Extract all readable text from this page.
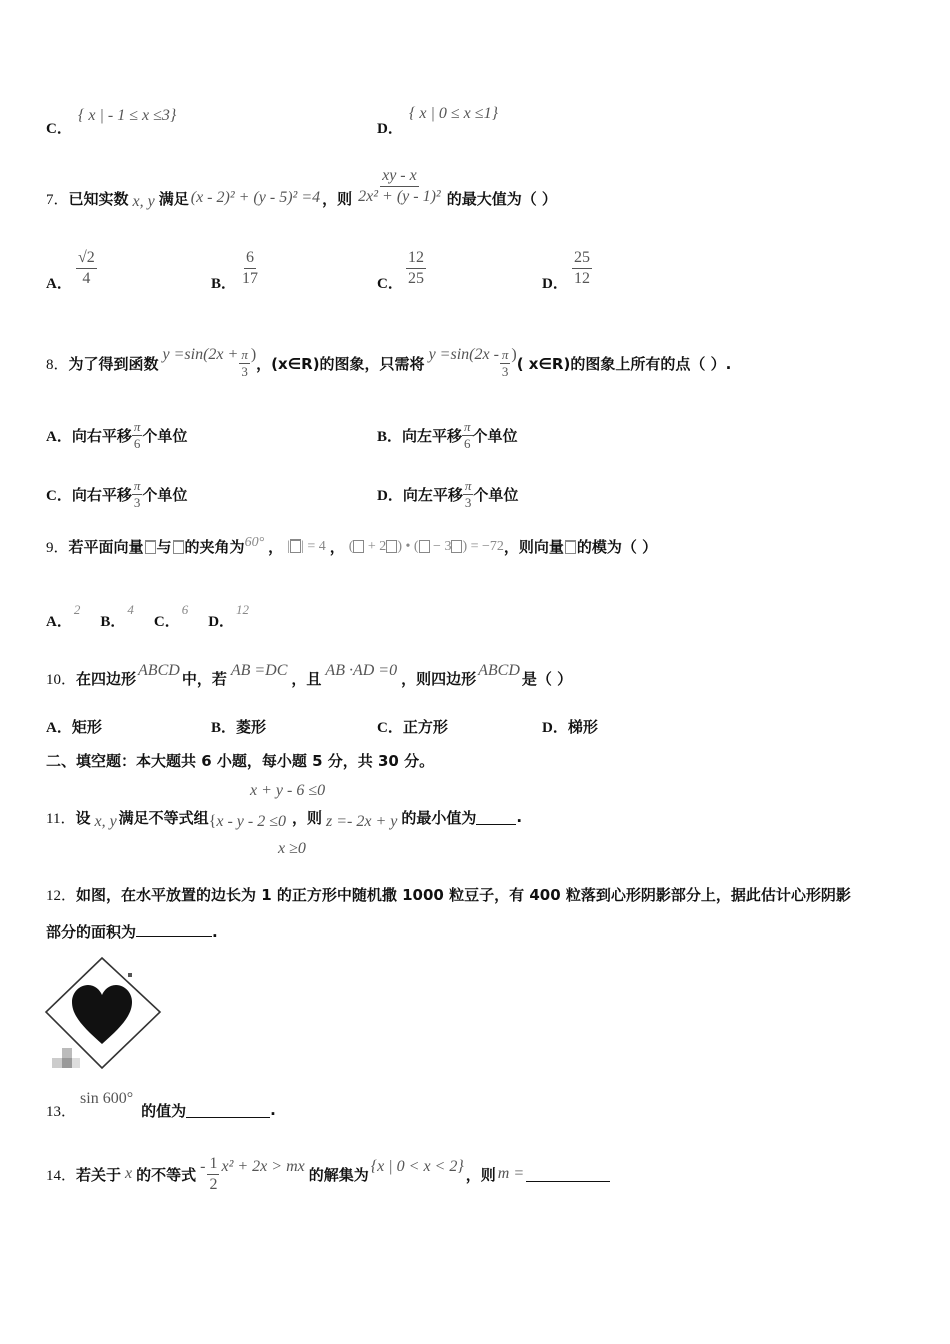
C．
{ x | - 1 ≤ x ≤3}
D．
{ x | 0 ≤ x ≤1}
7． 已知实数 x, y 满足 (x - 2)² + (y - 5)² =4 ，则 $\frac{xy - x}{\text{2x² + (y - 1)²}}$ 的最大值为（ ）
A． $\frac{√2}{4}$	B． $\frac{6}{17}$	C． $\frac{12}{25}$	D． $\frac{25}{12}$
8． 为了得到函数 $y =\sin(2x + \frac{\pi}{3}$ ) ，(x∈R)的图象，只需将 $y =\sin(2x - \frac{\pi}{3}$ ) ( x∈R)的图象上所有的点（ ）.
A． 向右平移 $\frac{\pi}{6}$ 个单位	B． 向左平移 $\frac{\pi}{6}$ 个单位
C． 向右平移 $\frac{\pi}{3}$ 个单位	D． 向左平移 $\frac{\pi}{3}$ 个单位
9． 若平面向量 与 的夹角为 60° ， | | = 4 ， ( + 2 ) • ( − 3 ) = −72 ，则向量 的模为（ ）
A．
2
B．
4
C．
6
D．
12
10． 在四边形 ABCD 中，若 AB =DC ，且 AB ·AD =0 ，则四边形 ABCD 是（ ）
A．矩形	B．菱形	C．正方形	D．梯形
二、填空题：本大题共 6 小题，每小题 5 分，共 30 分。
x + y - 6 ≤0
11． 设 x, y 满足不等式组 { x - y - 2 ≤0 ，则 z =- 2x + y 的最小值为	.
x ≥0
12．如图，在水平放置的边长为 1 的正方形中随机撒 1000 粒豆子，有 400 粒落到心形阴影部分上，据此估计心形阴影
部分的面积为	.
13．
sin 600°
的值为	.
14． 若关于 x 的不等式 - $\frac{1}{2} x^2 + 2x$ > mx 的解集为 {x | 0 < x < 2} ，则 m =
